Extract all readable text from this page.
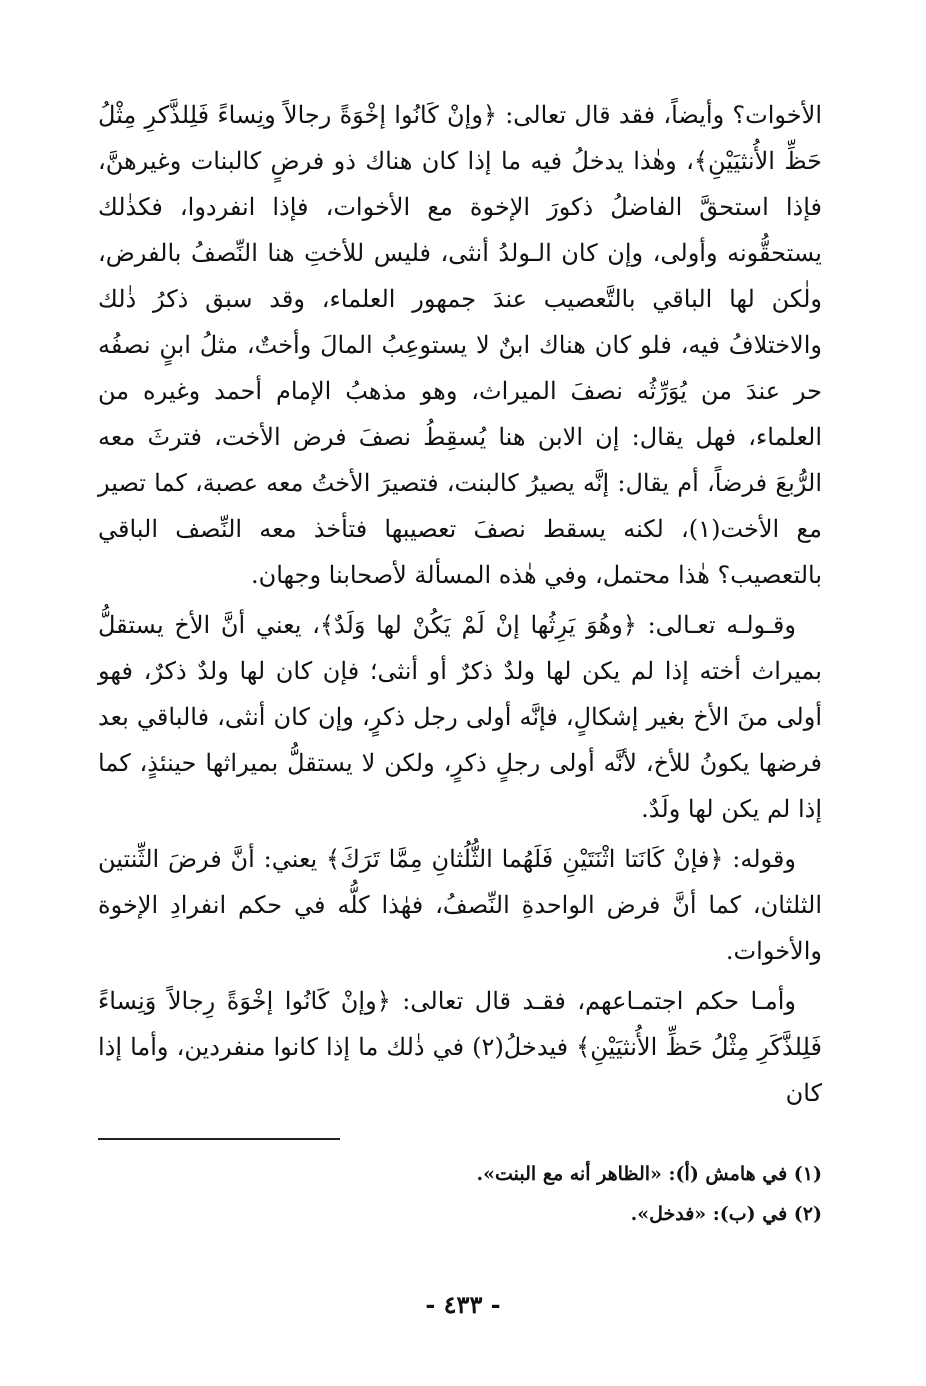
الأخوات؟ وأيضاً، فقد قال تعالى: ﴿وإنْ كَانُوا إخْوَةً رجالاً ونِساءً فَلِلذَّكرِ مِثْلُ حَظِّ الأُنثيَيْنِ﴾، وهٰذا يدخلُ فيه ما إذا كان هناك ذو فرضٍ كالبنات وغيرهنَّ، فإذا استحقَّ الفاضلُ ذكورَ الإخوة مع الأخوات، فإذا انفردوا، فكذٰلك يستحقُّونه وأولى، وإن كان الـولدُ أنثى، فليس للأختِ هنا النِّصفُ بالفرض، ولٰكن لها الباقي بالتَّعصيب عندَ جمهور العلماء، وقد سبق ذكرُ ذٰلك والاختلافُ فيه، فلو كان هناك ابنٌ لا يستوعِبُ المالَ وأختٌ، مثلُ ابنٍ نصفُه حر عندَ من يُوَرِّثُه نصفَ الميراث، وهو مذهبُ الإمام أحمد وغيره من العلماء، فهل يقال: إن الابن هنا يُسقِطُ نصفَ فرض الأخت، فترثَ معه الرُّبعَ فرضاً، أم يقال: إنَّه يصيرُ كالبنت، فتصيرَ الأختُ معه عصبة، كما تصير مع الأخت(١)، لكنه يسقط نصفَ تعصيبها فتأخذ معه النِّصف الباقي بالتعصيب؟ هٰذا محتمل، وفي هٰذه المسألة لأصحابنا وجهان.

وقـولـه تعـالى: ﴿وهُوَ يَرِثُها إنْ لَمْ يَكُنْ لها وَلَدٌ﴾، يعني أنَّ الأخ يستقلُّ بميراث أخته إذا لم يكن لها ولدٌ ذكرٌ أو أنثى؛ فإن كان لها ولدٌ ذكرٌ، فهو أولى منَ الأخ بغير إشكالٍ، فإنَّه أولى رجل ذكرٍ، وإن كان أنثى، فالباقي بعد فرضها يكونُ للأخ، لأنَّه أولى رجلٍ ذكرٍ، ولكن لا يستقلُّ بميراثها حينئذٍ، كما إذا لم يكن لها ولَدٌ.

وقوله: ﴿فإنْ كَانَتا اثْنَتَيْنِ فَلَهُما الثُّلُثانِ مِمَّا تَرَكَ﴾ يعني: أنَّ فرضَ الثِّنتين الثلثان، كما أنَّ فرض الواحدةِ النِّصفُ، فهٰذا كلُّه في حكم انفرادِ الإخوة والأخوات.

وأمـا حكم اجتمـاعهم، فقـد قال تعالى: ﴿وإنْ كَانُوا إخْوَةً رِجالاً وَنِساءً فَلِلذَّكَرِ مِثْلُ حَظِّ الأُنثيَيْنِ﴾ فيدخلُ(٢) في ذٰلك ما إذا كانوا منفردين، وأما إذا كان

(١) في هامش (أ): «الظاهر أنه مع البنت».

(٢) في (ب): «فدخل».

- ٤٣٣ -
